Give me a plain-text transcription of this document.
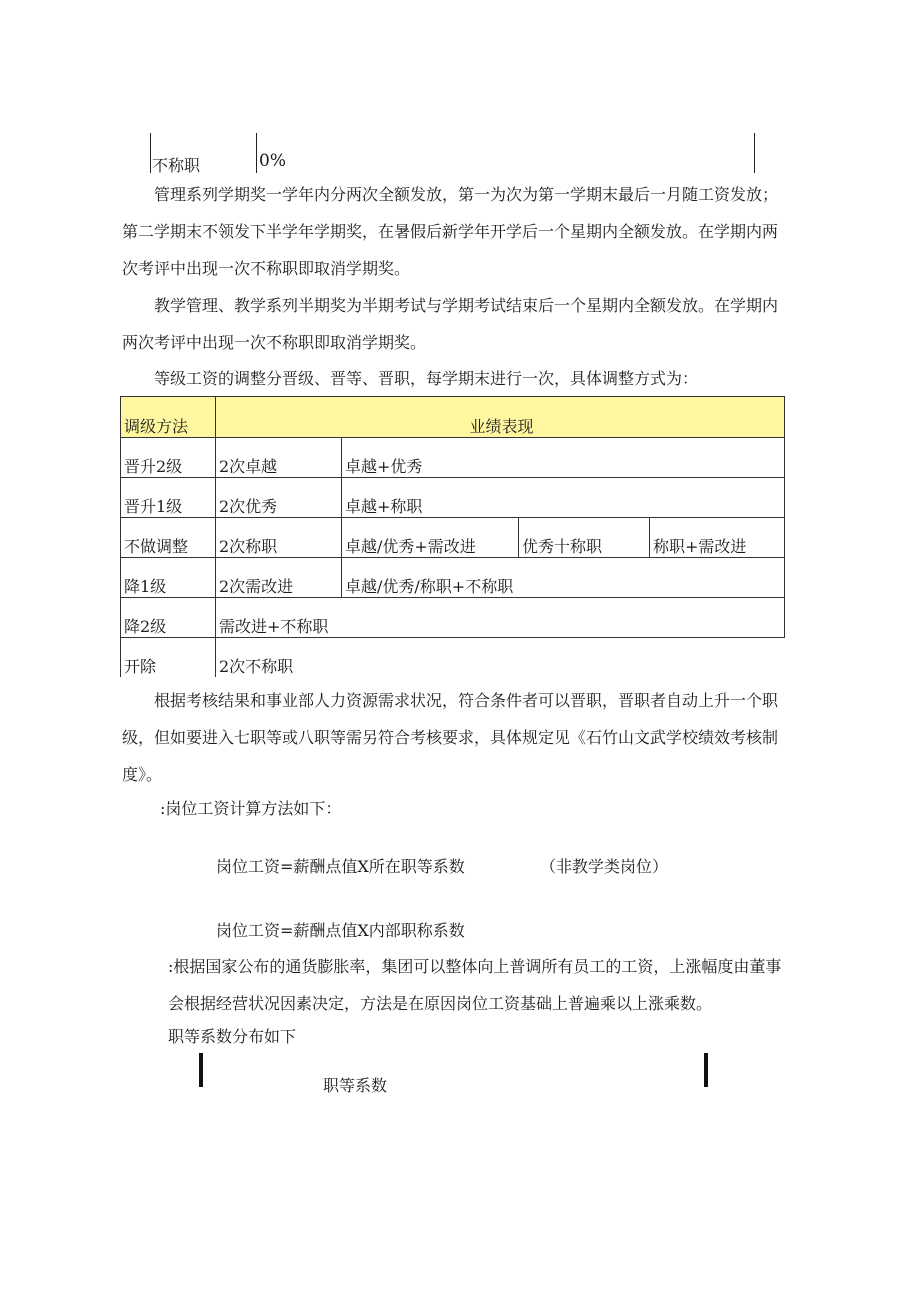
不称职	0%

管理系列学期奖一学年内分两次全额发放，第一为次为第一学期末最后一月随工资发放；第二学期末不领发下半学年学期奖，在暑假后新学年开学后一个星期内全额发放。在学期内两次考评中出现一次不称职即取消学期奖。

教学管理、教学系列半期奖为半期考试与学期考试结束后一个星期内全额发放。在学期内两次考评中出现一次不称职即取消学期奖。

等级工资的调整分晋级、晋等、晋职，每学期末进行一次，具体调整方式为：

调级方法	业绩表现			
晋升2级	2次卓越	卓越+优秀		
晋升1级	2次优秀	卓越+称职		
不做调整	2次称职	卓越/优秀+需改进	优秀十称职	称职+需改进
降1级	2次需改进	卓越/优秀/称职+不称职		
降2级	需改进+不称职			
开除	2次不称职			

根据考核结果和事业部人力资源需求状况，符合条件者可以晋职，晋职者自动上升一个职级，但如要进入七职等或八职等需另符合考核要求，具体规定见《石竹山文武学校绩效考核制度》。

:岗位工资计算方法如下：

岗位工资=薪酬点值X所在职等系数	（非教学类岗位）
岗位工资=薪酬点值X内部职称系数

:根据国家公布的通货膨胀率，集团可以整体向上普调所有员工的工资，上涨幅度由董事会根据经营状况因素决定，方法是在原因岗位工资基础上普遍乘以上涨乘数。

职等系数分布如下

职等系数
